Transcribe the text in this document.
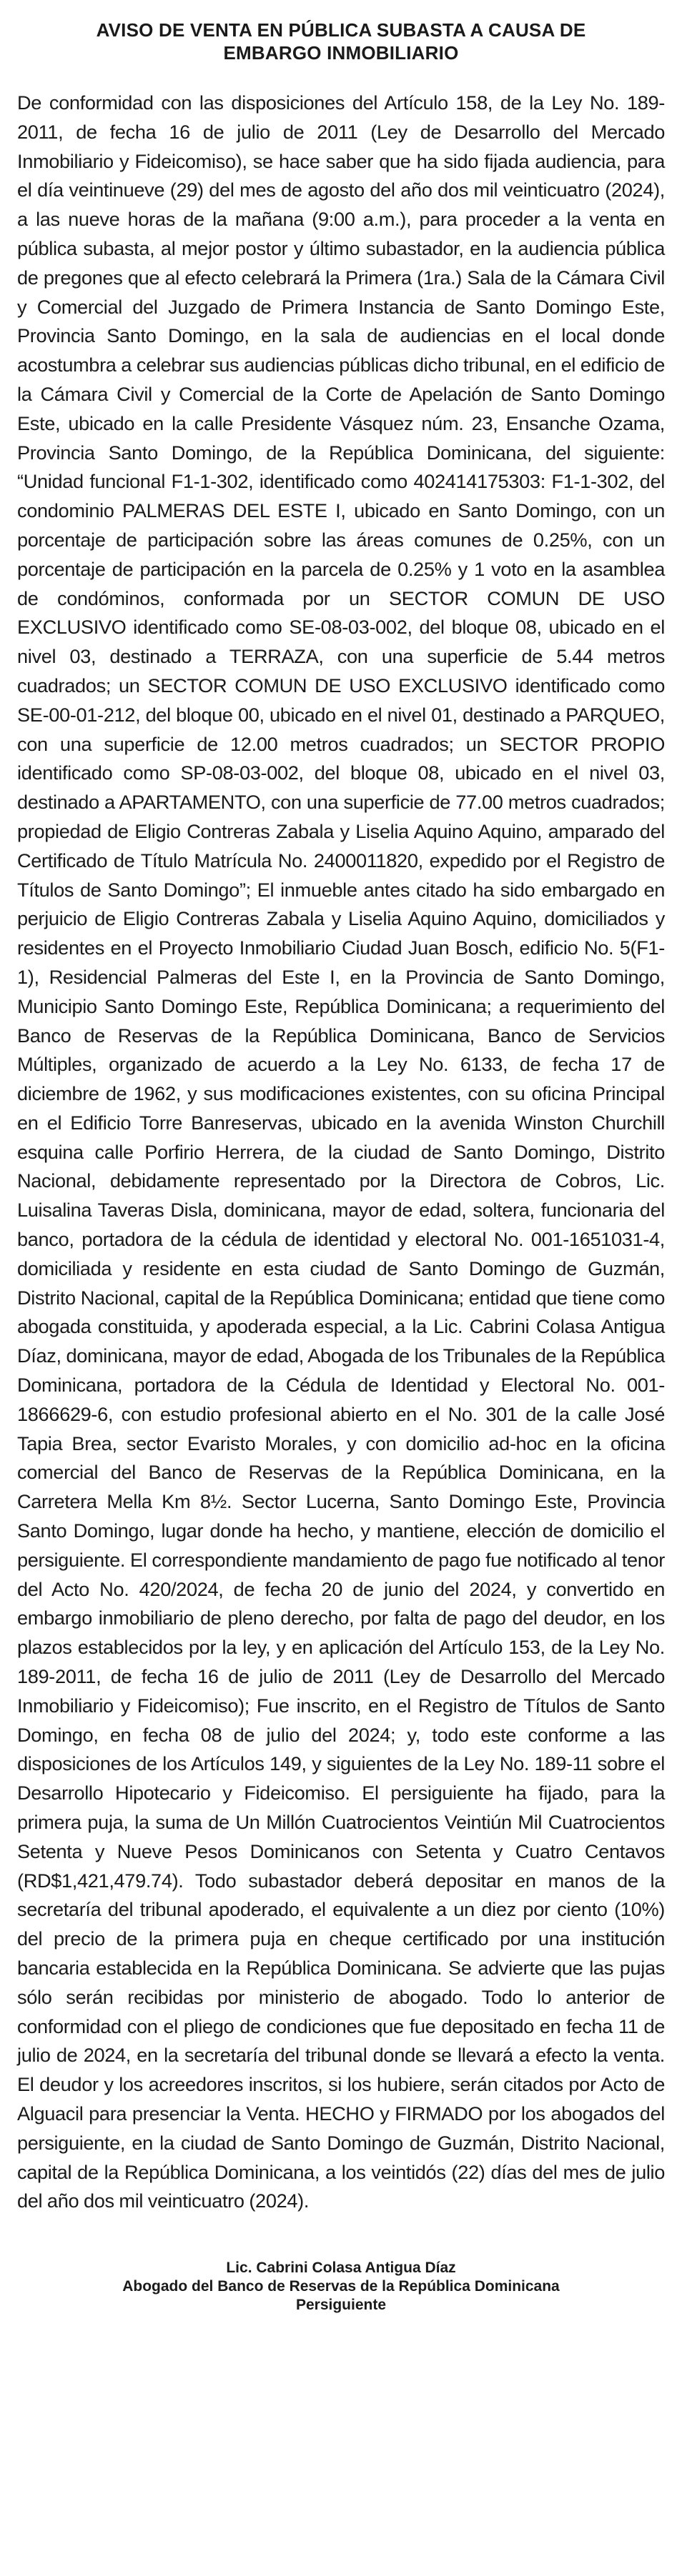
AVISO DE VENTA EN PÚBLICA SUBASTA A CAUSA DE EMBARGO INMOBILIARIO
De conformidad con las disposiciones del Artículo 158, de la Ley No. 189-2011, de fecha 16 de julio de 2011 (Ley de Desarrollo del Mercado Inmobiliario y Fideicomiso), se hace saber que ha sido fijada audiencia, para el día veintinueve (29) del mes de agosto del año dos mil veinticuatro (2024), a las nueve horas de la mañana (9:00 a.m.), para proceder a la venta en pública subasta, al mejor postor y último subastador, en la audiencia pública de pregones que al efecto celebrará la Primera (1ra.) Sala de la Cámara Civil y Comercial del Juzgado de Primera Instancia de Santo Domingo Este, Provincia Santo Domingo, en la sala de audiencias en el local donde acostumbra a celebrar sus audiencias públicas dicho tribunal, en el edificio de la Cámara Civil y Comercial de la Corte de Apelación de Santo Domingo Este, ubicado en la calle Presidente Vásquez núm. 23, Ensanche Ozama, Provincia Santo Domingo, de la República Dominicana, del siguiente: “Unidad funcional F1-1-302, identificado como 402414175303: F1-1-302, del condominio PALMERAS DEL ESTE I, ubicado en Santo Domingo, con un porcentaje de participación sobre las áreas comunes de 0.25%, con un porcentaje de participación en la parcela de 0.25% y 1 voto en la asamblea de condóminos, conformada por un SECTOR COMUN DE USO EXCLUSIVO identificado como SE-08-03-002, del bloque 08, ubicado en el nivel 03, destinado a TERRAZA, con una superficie de 5.44 metros cuadrados; un SECTOR COMUN DE USO EXCLUSIVO identificado como SE-00-01-212, del bloque 00, ubicado en el nivel 01, destinado a PARQUEO, con una superficie de 12.00 metros cuadrados; un SECTOR PROPIO identificado como SP-08-03-002, del bloque 08, ubicado en el nivel 03, destinado a APARTAMENTO, con una superficie de 77.00 metros cuadrados; propiedad de Eligio Contreras Zabala y Liselia Aquino Aquino, amparado del Certificado de Título Matrícula No. 2400011820, expedido por el Registro de Títulos de Santo Domingo”; El inmueble antes citado ha sido embargado en perjuicio de Eligio Contreras Zabala y Liselia Aquino Aquino, domiciliados y residentes en el Proyecto Inmobiliario Ciudad Juan Bosch, edificio No. 5(F1-1), Residencial Palmeras del Este I, en la Provincia de Santo Domingo, Municipio Santo Domingo Este, República Dominicana; a requerimiento del Banco de Reservas de la República Dominicana, Banco de Servicios Múltiples, organizado de acuerdo a la Ley No. 6133, de fecha 17 de diciembre de 1962, y sus modificaciones existentes, con su oficina Principal en el Edificio Torre Banreservas, ubicado en la avenida Winston Churchill esquina calle Porfirio Herrera, de la ciudad de Santo Domingo, Distrito Nacional, debidamente representado por la Directora de Cobros, Lic. Luisalina Taveras Disla, dominicana, mayor de edad, soltera, funcionaria del banco, portadora de la cédula de identidad y electoral No. 001-1651031-4, domiciliada y residente en esta ciudad de Santo Domingo de Guzmán, Distrito Nacional, capital de la República Dominicana; entidad que tiene como abogada constituida, y apoderada especial, a la Lic. Cabrini Colasa Antigua Díaz, dominicana, mayor de edad, Abogada de los Tribunales de la República Dominicana, portadora de la Cédula de Identidad y Electoral No. 001-1866629-6, con estudio profesional abierto en el No. 301 de la calle José Tapia Brea, sector Evaristo Morales, y con domicilio ad-hoc en la oficina comercial del Banco de Reservas de la República Dominicana, en la Carretera Mella Km 8½. Sector Lucerna, Santo Domingo Este, Provincia Santo Domingo, lugar donde ha hecho, y mantiene, elección de domicilio el persiguiente. El correspondiente mandamiento de pago fue notificado al tenor del Acto No. 420/2024, de fecha 20 de junio del 2024, y convertido en embargo inmobiliario de pleno derecho, por falta de pago del deudor, en los plazos establecidos por la ley, y en aplicación del Artículo 153, de la Ley No. 189-2011, de fecha 16 de julio de 2011 (Ley de Desarrollo del Mercado Inmobiliario y Fideicomiso); Fue inscrito, en el Registro de Títulos de Santo Domingo, en fecha 08 de julio del 2024; y, todo este conforme a las disposiciones de los Artículos 149, y siguientes de la Ley No. 189-11 sobre el Desarrollo Hipotecario y Fideicomiso. El persiguiente ha fijado, para la primera puja, la suma de Un Millón Cuatrocientos Veintiún Mil Cuatrocientos Setenta y Nueve Pesos Dominicanos con Setenta y Cuatro Centavos (RD$1,421,479.74). Todo subastador deberá depositar en manos de la secretaría del tribunal apoderado, el equivalente a un diez por ciento (10%) del precio de la primera puja en cheque certificado por una institución bancaria establecida en la República Dominicana. Se advierte que las pujas sólo serán recibidas por ministerio de abogado. Todo lo anterior de conformidad con el pliego de condiciones que fue depositado en fecha 11 de julio de 2024, en la secretaría del tribunal donde se llevará a efecto la venta. El deudor y los acreedores inscritos, si los hubiere, serán citados por Acto de Alguacil para presenciar la Venta. HECHO y FIRMADO por los abogados del persiguiente, en la ciudad de Santo Domingo de Guzmán, Distrito Nacional, capital de la República Dominicana, a los veintidós (22) días del mes de julio del año dos mil veinticuatro (2024).
Lic. Cabrini Colasa Antigua Díaz
Abogado del Banco de Reservas de la República Dominicana
Persiguiente
